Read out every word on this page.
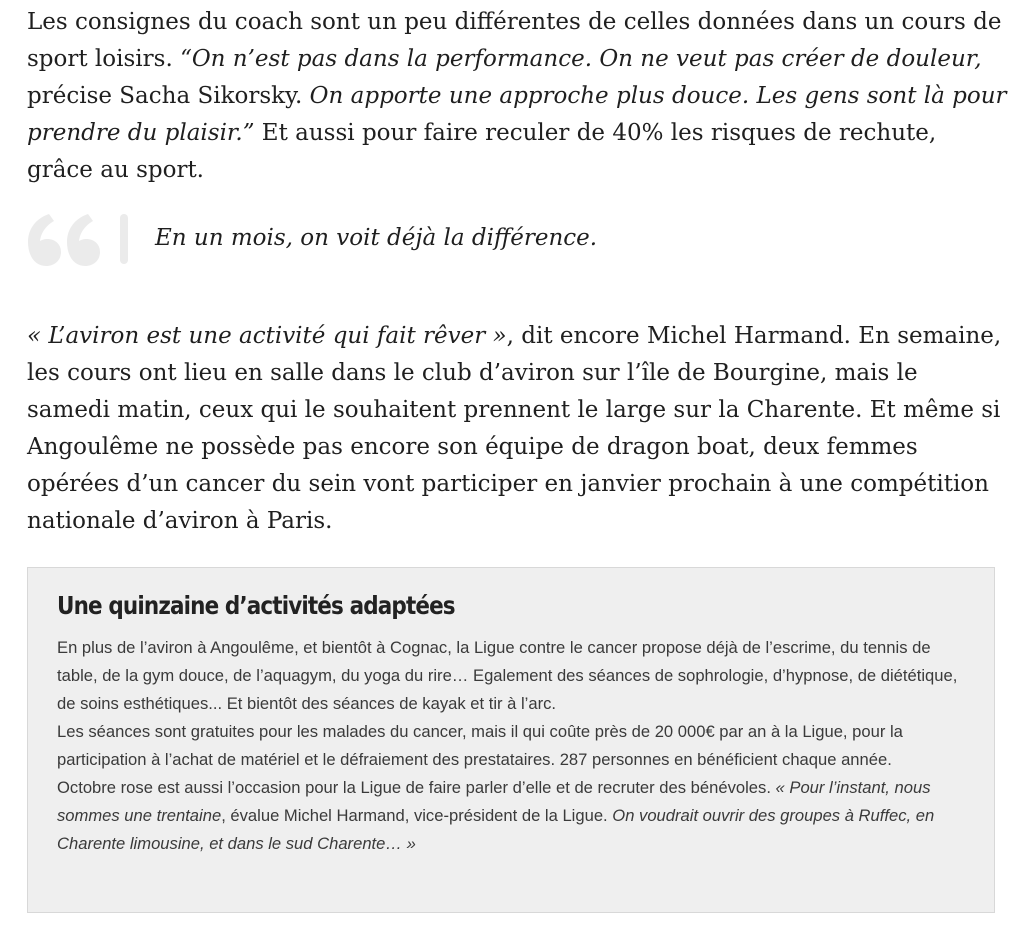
Les consignes du coach sont un peu différentes de celles données dans un cours de sport loisirs. “On n’est pas dans la performance. On ne veut pas créer de douleur, précise Sacha Sikorsky. On apporte une approche plus douce. Les gens sont là pour prendre du plaisir.” Et aussi pour faire reculer de 40% les risques de rechute, grâce au sport.

En un mois, on voit déjà la différence.

« L’aviron est une activité qui fait rêver », dit encore Michel Harmand. En semaine, les cours ont lieu en salle dans le club d’aviron sur l’île de Bourgine, mais le samedi matin, ceux qui le souhaitent prennent le large sur la Charente. Et même si Angoulême ne possède pas encore son équipe de dragon boat, deux femmes opérées d’un cancer du sein vont participer en janvier prochain à une compétition nationale d’aviron à Paris.

Une quinzaine d’activités adaptées

En plus de l’aviron à Angoulême, et bientôt à Cognac, la Ligue contre le cancer propose déjà de l’escrime, du tennis de table, de la gym douce, de l’aquagym, du yoga du rire… Egalement des séances de sophrologie, d’hypnose, de diététique, de soins esthétiques... Et bientôt des séances de kayak et tir à l’arc.

Les séances sont gratuites pour les malades du cancer, mais il qui coûte près de 20 000€ par an à la Ligue, pour la participation à l’achat de matériel et le défraiement des prestataires. 287 personnes en bénéficient chaque année.

Octobre rose est aussi l’occasion pour la Ligue de faire parler d’elle et de recruter des bénévoles. « Pour l’instant, nous sommes une trentaine, évalue Michel Harmand, vice-président de la Ligue. On voudrait ouvrir des groupes à Ruffec, en Charente limousine, et dans le sud Charente… »
